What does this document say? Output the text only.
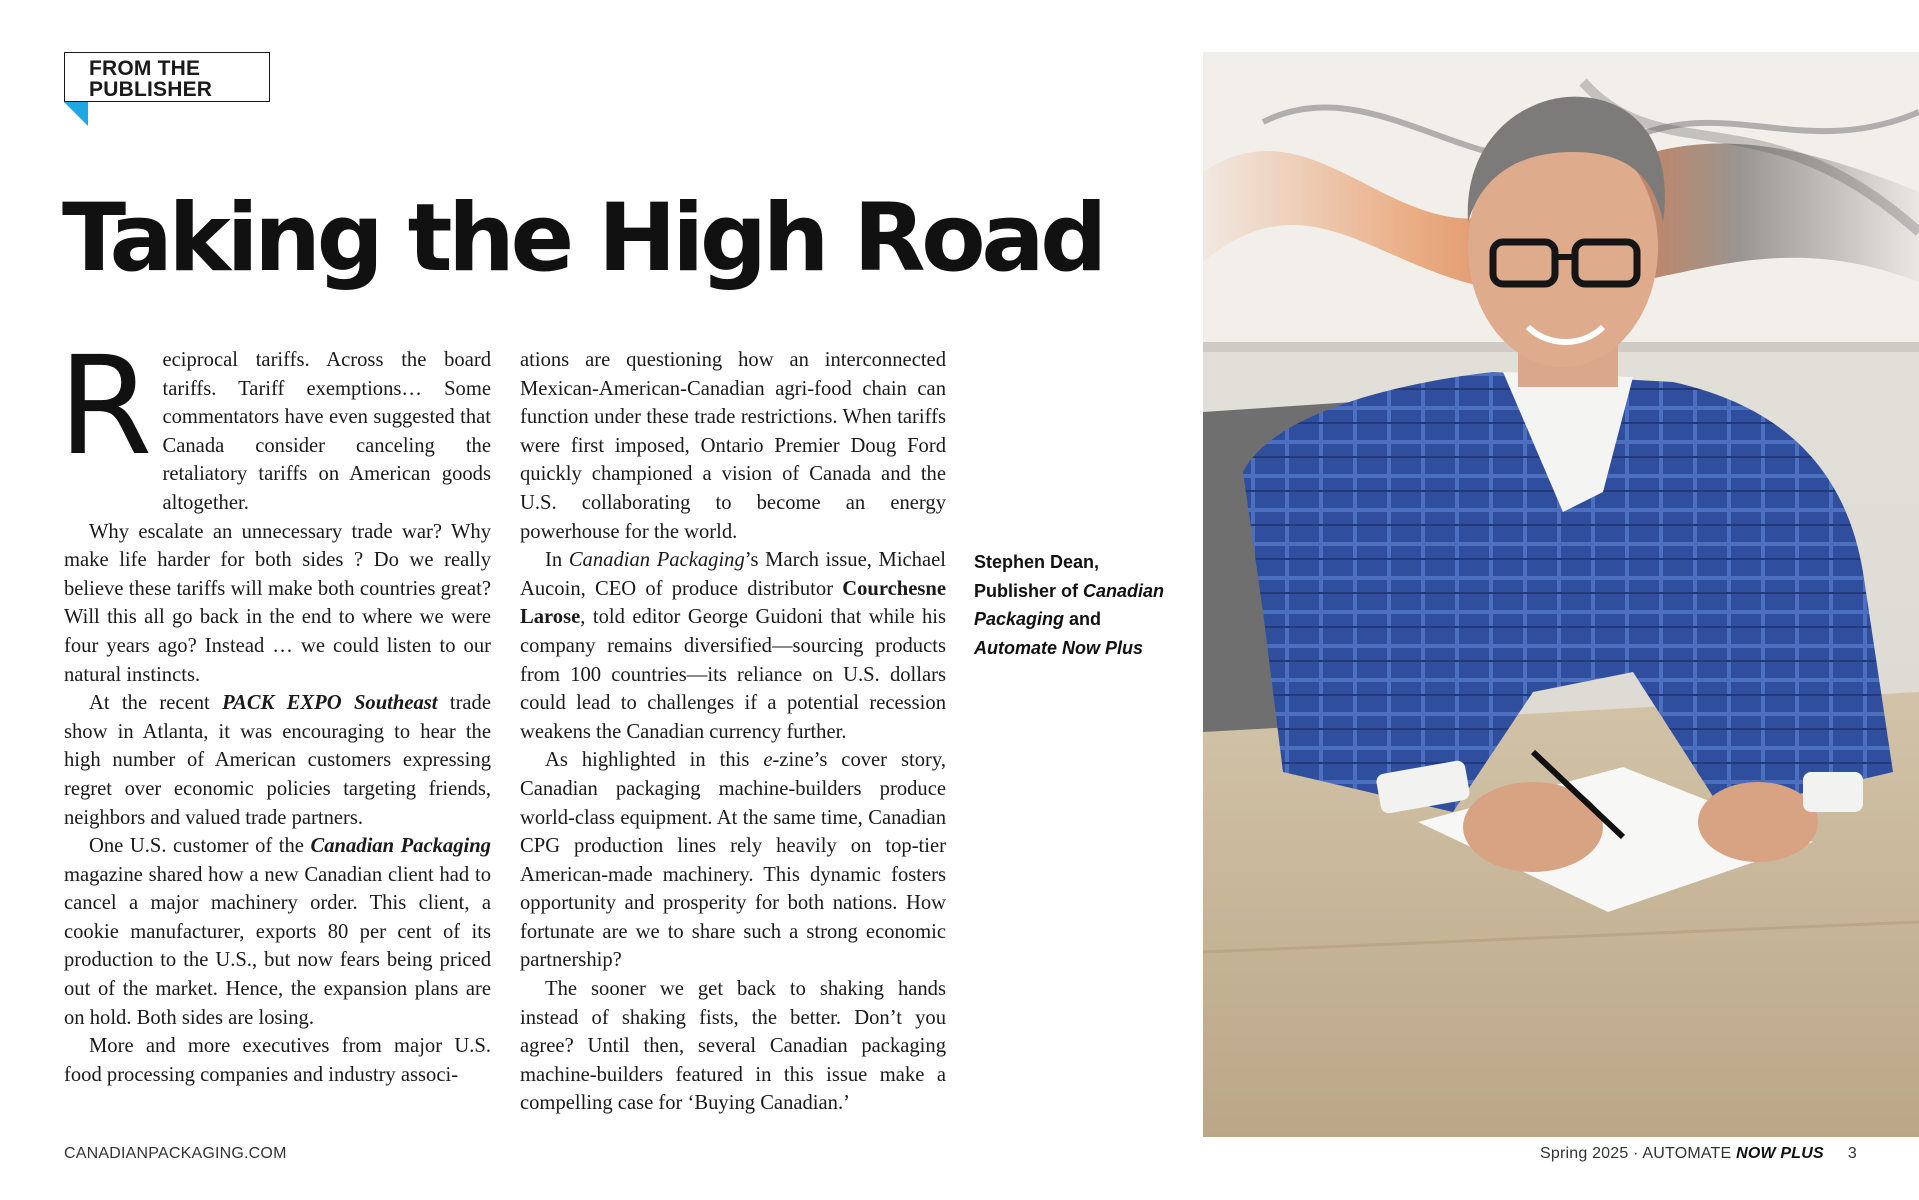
FROM THE
PUBLISHER
Taking the High Road

Reciprocal tariffs. Across the board tariffs. Tariff exemptions… Some commentators have even suggested that Canada consider canceling the retaliatory tariffs on American goods altogether.

Why escalate an unnecessary trade war? Why make life harder for both sides ? Do we really believe these tariffs will make both countries great? Will this all go back in the end to where we were four years ago? Instead … we could listen to our natural instincts.

At the recent PACK EXPO Southeast trade show in Atlanta, it was encouraging to hear the high number of American customers expressing regret over economic policies targeting friends, neighbors and valued trade partners.

One U.S. customer of the Canadian Packaging magazine shared how a new Canadian client had to cancel a major machinery order. This client, a cookie manufacturer, exports 80 per cent of its production to the U.S., but now fears being priced out of the market. Hence, the expansion plans are on hold. Both sides are losing.

More and more executives from major U.S. food processing companies and industry associ-

ations are questioning how an interconnected Mexican-American-Canadian agri-food chain can function under these trade restrictions. When tariffs were first imposed, Ontario Premier Doug Ford quickly championed a vision of Canada and the U.S. collaborating to become an energy powerhouse for the world.

In Canadian Packaging’s March issue, Michael Aucoin, CEO of produce distributor Courchesne Larose, told editor George Guidoni that while his company remains diversified—sourcing products from 100 countries—its reliance on U.S. dollars could lead to challenges if a potential recession weakens the Canadian currency further.

As highlighted in this e-zine’s cover story, Canadian packaging machine-builders produce world-class equipment. At the same time, Canadian CPG production lines rely heavily on top-tier American-made machinery. This dynamic fosters opportunity and prosperity for both nations. How fortunate are we to share such a strong economic partnership?

The sooner we get back to shaking hands instead of shaking fists, the better. Don’t you agree? Until then, several Canadian packaging machine-builders featured in this issue make a compelling case for ‘Buying Canadian.’

Stephen Dean,
Publisher of Canadian Packaging and Automate Now Plus
CANADIANPACKAGING.COM	Spring 2025 · AUTOMATE NOW PLUS 3
